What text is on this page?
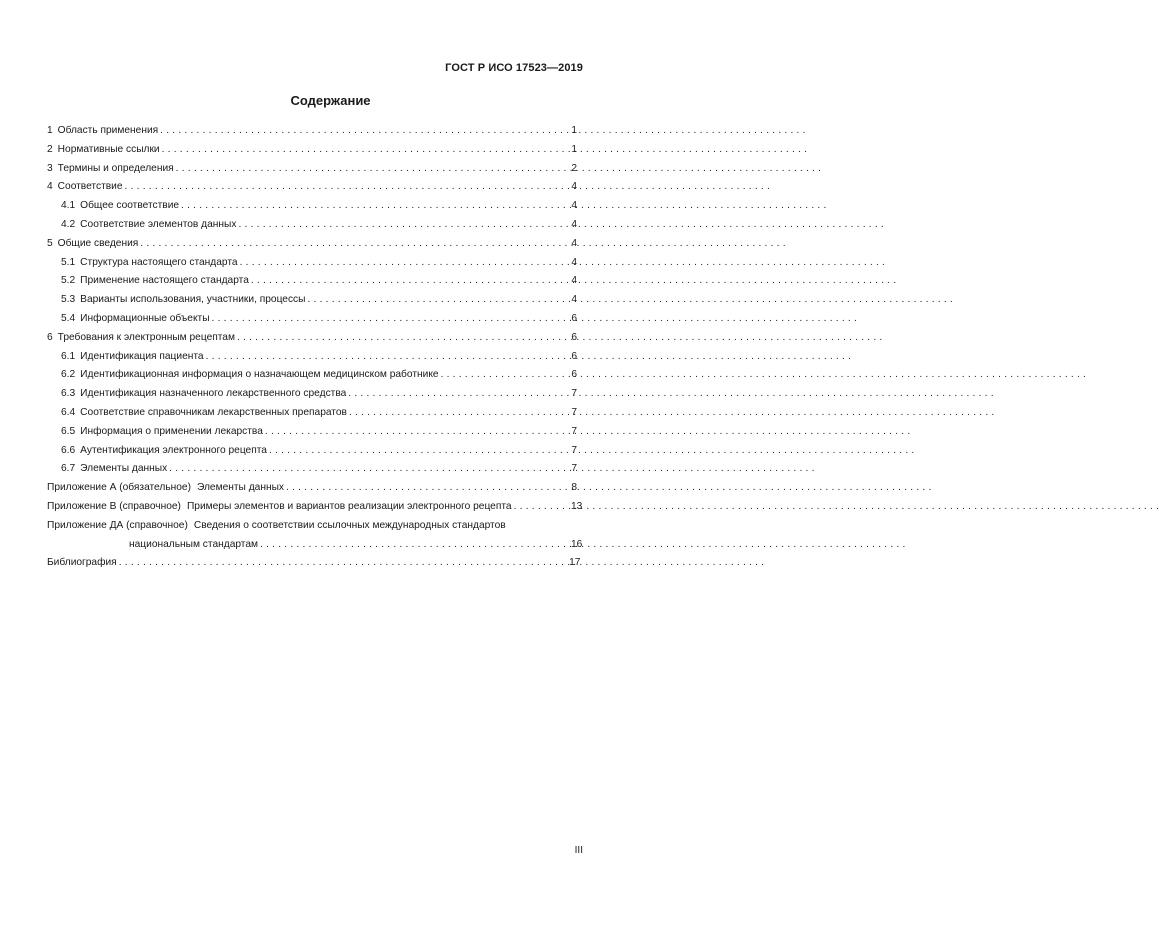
ГОСТ Р ИСО 17523—2019
Содержание
1 Область применения . . .	1
2 Нормативные ссылки . . .	1
3 Термины и определения . . .	2
4 Соответствие . . .	4
4.1 Общее соответствие . . .	4
4.2 Соответствие элементов данных . . .	4
5 Общие сведения . . .	4
5.1 Структура настоящего стандарта . . .	4
5.2 Применение настоящего стандарта . . .	4
5.3 Варианты использования, участники, процессы . . .	4
5.4 Информационные объекты . . .	6
6 Требования к электронным рецептам . . .	6
6.1 Идентификация пациента . . .	6
6.2 Идентификационная информация о назначающем медицинском работнике . . .	6
6.3 Идентификация назначенного лекарственного средства . . .	7
6.4 Соответствие справочникам лекарственных препаратов . . .	7
6.5 Информация о применении лекарства . . .	7
6.6 Аутентификация электронного рецепта . . .	7
6.7 Элементы данных . . .	7
Приложение А (обязательное) Элементы данных . . .	8
Приложение В (справочное) Примеры элементов и вариантов реализации электронного рецепта . . .	13
Приложение ДА (справочное) Сведения о соответствии ссылочных международных стандартов
национальным стандартам . . .	16
Библиография . . .	17
III
